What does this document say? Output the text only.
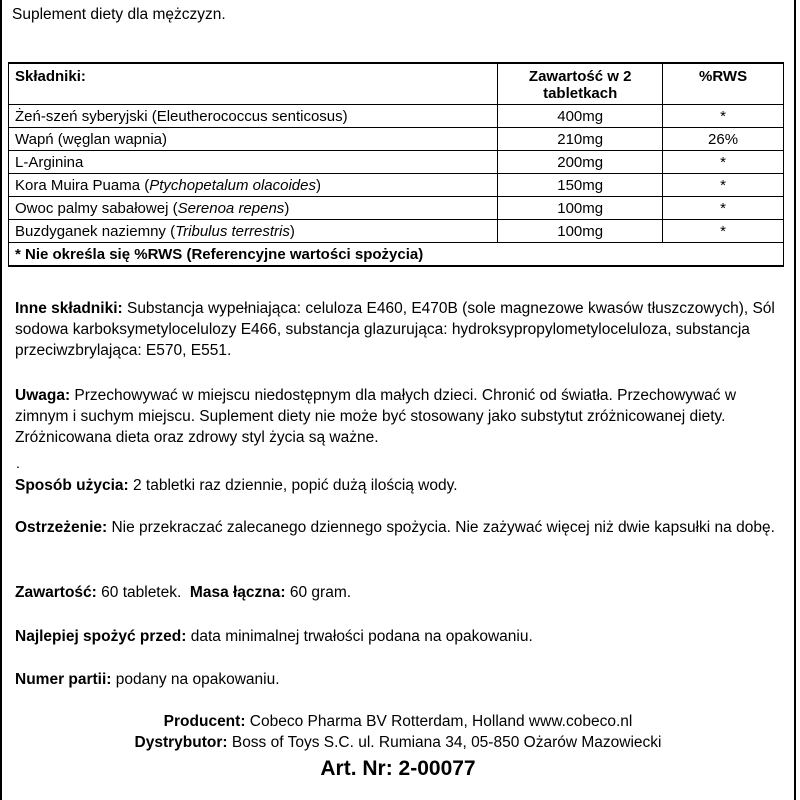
Suplement diety dla mężczyzn.
Składniki:	Zawartość w 2 tabletkach	%RWS
Żeń-szeń syberyjski (Eleutherococcus senticosus)	400mg	*
Wapń (węglan wapnia)	210mg	26%
L-Arginina	200mg	*
Kora Muira Puama (Ptychopetalum olacoides)	150mg	*
Owoc palmy sabałowej (Serenoa repens)	100mg	*
Buzdyganek naziemny (Tribulus terrestris)	100mg	*
* Nie określa się %RWS (Referencyjne wartości spożycia)		
Inne składniki: Substancja wypełniająca: celuloza E460, E470B (sole magnezowe kwasów tłuszczowych), Sól sodowa karboksymetylocelulozy E466, substancja glazurująca: hydroksypropylometyloceluloza, substancja przeciwzbrylająca: E570, E551.
Uwaga: Przechowywać w miejscu niedostępnym dla małych dzieci. Chronić od światła. Przechowywać w zimnym i suchym miejscu. Suplement diety nie może być stosowany jako substytut zróżnicowanej diety. Zróżnicowana dieta oraz zdrowy styl życia są ważne.
.
Sposób użycia: 2 tabletki raz dziennie, popić dużą ilością wody.
Ostrzeżenie: Nie przekraczać zalecanego dziennego spożycia. Nie zażywać więcej niż dwie kapsułki na dobę.
Zawartość: 60 tabletek. Masa łączna: 60 gram.
Najlepiej spożyć przed: data minimalnej trwałości podana na opakowaniu.
Numer partii: podany na opakowaniu.
Producent: Cobeco Pharma BV Rotterdam, Holland www.cobeco.nl
Dystrybutor: Boss of Toys S.C. ul. Rumiana 34, 05-850 Ożarów Mazowiecki
Art. Nr: 2-00077
